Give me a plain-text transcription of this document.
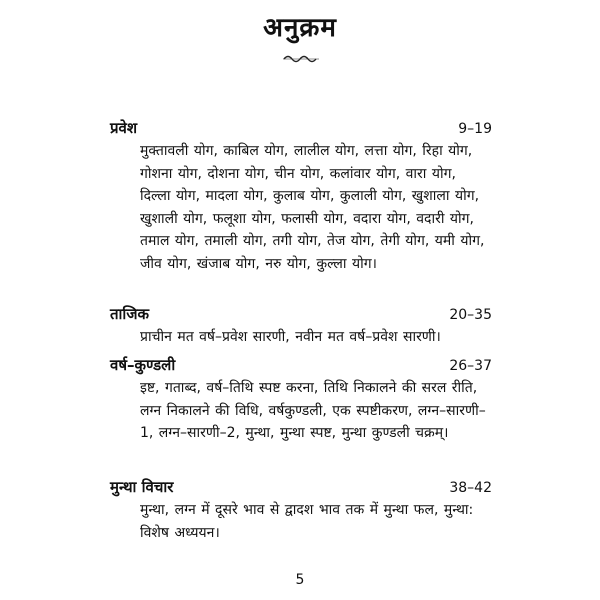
अनुक्रम
प्रवेश	9–19
मुक्तावली योग, काबिल योग, लालील योग, लत्ता योग, रिहा योग, गोशना योग, दोशना योग, चीन योग, कलांवार योग, वारा योग, दिल्ला योग, मादला योग, कुलाब योग, कुलाली योग, खुशाला योग, खुशाली योग, फलूशा योग, फलासी योग, वदारा योग, वदारी योग, तमाल योग, तमाली योग, तगी योग, तेज योग, तेगी योग, यमी योग, जीव योग, खंजाब योग, नरु योग, कुल्ला योग।
ताजिक	20–35
प्राचीन मत वर्ष–प्रवेश सारणी, नवीन मत वर्ष–प्रवेश सारणी।
वर्ष–कुण्डली	26–37
इष्ट, गताब्द, वर्ष–तिथि स्पष्ट करना, तिथि निकालने की सरल रीति, लग्न निकालने की विधि, वर्षकुण्डली, एक स्पष्टीकरण, लग्न–सारणी–1, लग्न–सारणी–2, मुन्था, मुन्था स्पष्ट, मुन्था कुण्डली चक्रम्।
मुन्था विचार	38–42
मुन्था, लग्न में दूसरे भाव से द्वादश भाव तक में मुन्था फल, मुन्था: विशेष अध्ययन।
5
